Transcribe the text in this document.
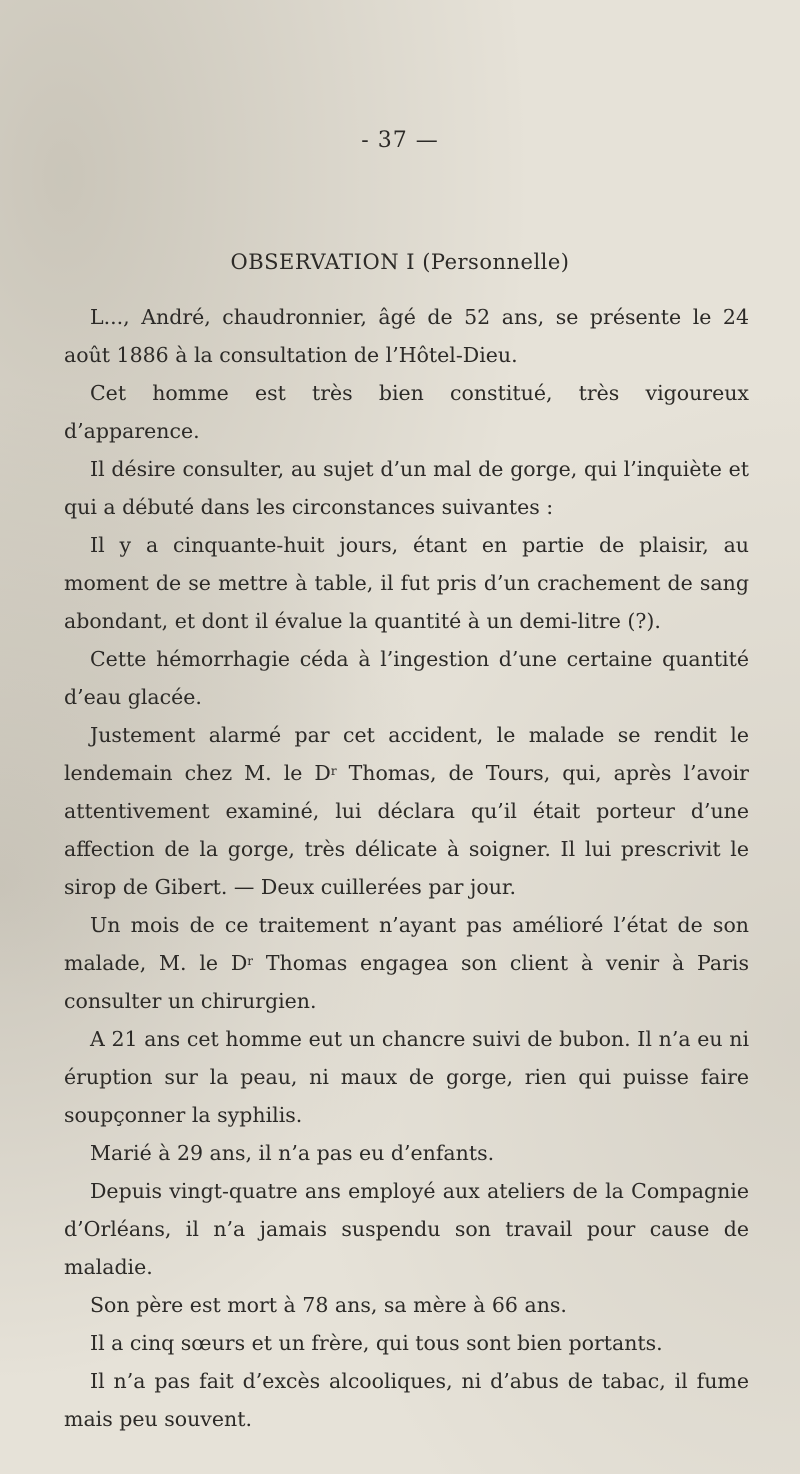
- 37 —
OBSERVATION I (Personnelle)

L..., André, chaudronnier, âgé de 52 ans, se présente le 24 août 1886 à la consultation de l’Hôtel-Dieu.

Cet homme est très bien constitué, très vigoureux d’apparence.

Il désire consulter, au sujet d’un mal de gorge, qui l’inquiète et qui a débuté dans les circonstances suivantes :

Il y a cinquante-huit jours, étant en partie de plaisir, au moment de se mettre à table, il fut pris d’un crachement de sang abondant, et dont il évalue la quantité à un demi-litre (?).

Cette hémorrhagie céda à l’ingestion d’une certaine quantité d’eau glacée.

Justement alarmé par cet accident, le malade se rendit le lendemain chez M. le $D^r$ Thomas, de Tours, qui, après l’avoir attentivement examiné, lui déclara qu’il était porteur d’une affection de la gorge, très délicate à soigner. Il lui prescrivit le sirop de Gibert. — Deux cuillerées par jour.

Un mois de ce traitement n’ayant pas amélioré l’état de son malade, M. le $D^r$ Thomas engagea son client à venir à Paris consulter un chirurgien.

A 21 ans cet homme eut un chancre suivi de bubon. Il n’a eu ni éruption sur la peau, ni maux de gorge, rien qui puisse faire soupçonner la syphilis.

Marié à 29 ans, il n’a pas eu d’enfants.

Depuis vingt-quatre ans employé aux ateliers de la Compagnie d’Orléans, il n’a jamais suspendu son travail pour cause de maladie.

Son père est mort à 78 ans, sa mère à 66 ans.

Il a cinq sœurs et un frère, qui tous sont bien portants.

Il n’a pas fait d’excès alcooliques, ni d’abus de tabac, il fume mais peu souvent.
